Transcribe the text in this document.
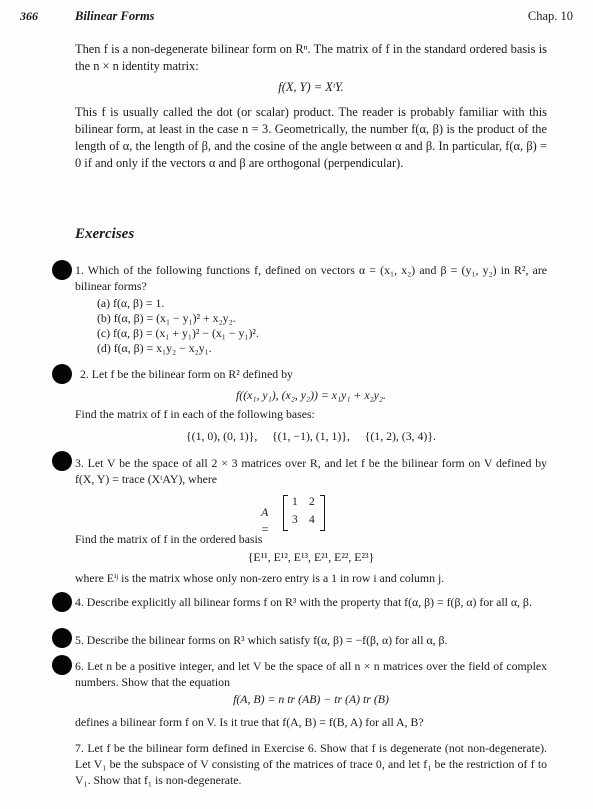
366	Bilinear Forms	Chap. 10
Then f is a non-degenerate bilinear form on Rⁿ. The matrix of f in the standard ordered basis is the n × n identity matrix:
f(X, Y) = XᵗY.
This f is usually called the dot (or scalar) product. The reader is probably familiar with this bilinear form, at least in the case n = 3. Geometrically, the number f(α, β) is the product of the length of α, the length of β, and the cosine of the angle between α and β. In particular, f(α, β) = 0 if and only if the vectors α and β are orthogonal (perpendicular).
Exercises
1. Which of the following functions f, defined on vectors α = (x₁, x₂) and β = (y₁, y₂) in R², are bilinear forms?
(a) f(α, β) = 1.
(b) f(α, β) = (x₁ − y₁)² + x₂y₂.
(c) f(α, β) = (x₁ + y₁)² − (x₁ − y₁)².
(d) f(α, β) = x₁y₂ − x₂y₁.
2. Let f be the bilinear form on R² defined by
f((x₁, y₁), (x₂, y₂)) = x₁y₁ + x₂y₂.
Find the matrix of f in each of the following bases:
{(1, 0), (0, 1)},     {(1, −1), (1, 1)},     {(1, 2), (3, 4)}.
3. Let V be the space of all 2 × 3 matrices over R, and let f be the bilinear form on V defined by f(X, Y) = trace (XᵗAY), where
A =
1 2
3 4
Find the matrix of f in the ordered basis
{E¹¹, E¹², E¹³, E²¹, E²², E²³}
where Eⁱʲ is the matrix whose only non-zero entry is a 1 in row i and column j.
4. Describe explicitly all bilinear forms f on R³ with the property that f(α, β) = f(β, α) for all α, β.
5. Describe the bilinear forms on R³ which satisfy f(α, β) = −f(β, α) for all α, β.
6. Let n be a positive integer, and let V be the space of all n × n matrices over the field of complex numbers. Show that the equation
f(A, B) = n tr (AB) − tr (A) tr (B)
defines a bilinear form f on V. Is it true that f(A, B) = f(B, A) for all A, B?
7. Let f be the bilinear form defined in Exercise 6. Show that f is degenerate (not non-degenerate). Let V₁ be the subspace of V consisting of the matrices of trace 0, and let f₁ be the restriction of f to V₁. Show that f₁ is non-degenerate.
